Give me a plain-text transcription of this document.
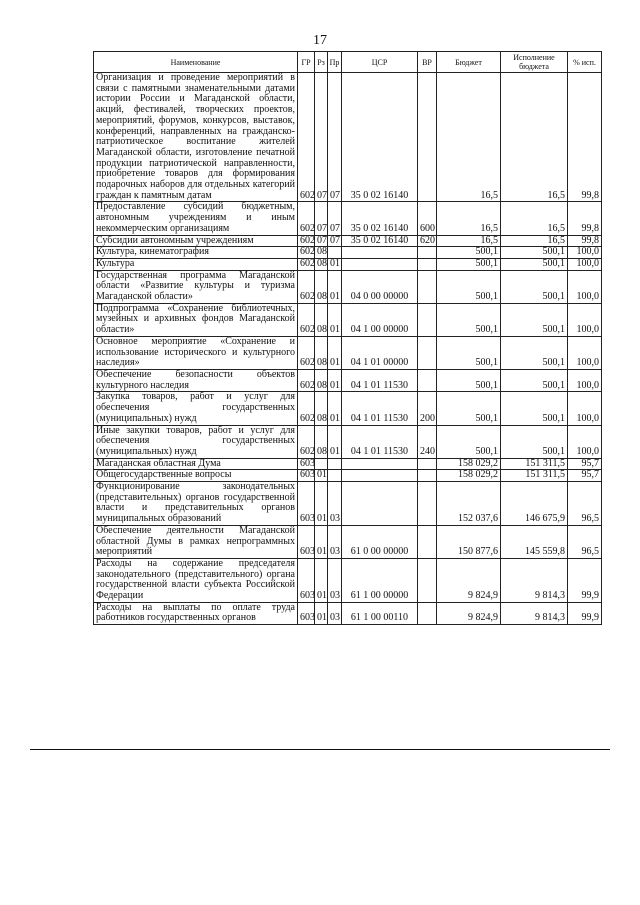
17
Наименование	ГР	Рз	Пр	ЦСР	ВР	Бюджет	Исполнение бюджета	% исп.
Организация и проведение мероприятий в связи с памятными знаменательными датами истории России и Магаданской области, акций, фестивалей, творческих проектов, мероприятий, форумов, конкурсов, выставок, конференций, направленных на гражданско-патриотическое воспитание жителей Магаданской области, изготовление печатной продукции патриотической направленности, приобретение товаров для формирования подарочных наборов для отдельных категорий граждан к памятным датам	602	07	07	35 0 02 16140		16,5	16,5	99,8
Предоставление субсидий бюджетным, автономным учреждениям и иным некоммерческим организациям	602	07	07	35 0 02 16140	600	16,5	16,5	99,8
Субсидии автономным учреждениям	602	07	07	35 0 02 16140	620	16,5	16,5	99,8
Культура, кинематография	602	08				500,1	500,1	100,0
Культура	602	08	01			500,1	500,1	100,0
Государственная программа Магаданской области «Развитие культуры и туризма Магаданской области»	602	08	01	04 0 00 00000		500,1	500,1	100,0
Подпрограмма «Сохранение библиотечных, музейных и архивных фондов Магаданской области»	602	08	01	04 1 00 00000		500,1	500,1	100,0
Основное мероприятие «Сохранение и использование исторического и культурного наследия»	602	08	01	04 1 01 00000		500,1	500,1	100,0
Обеспечение безопасности объектов культурного наследия	602	08	01	04 1 01 11530		500,1	500,1	100,0
Закупка товаров, работ и услуг для обеспечения государственных (муниципальных) нужд	602	08	01	04 1 01 11530	200	500,1	500,1	100,0
Иные закупки товаров, работ и услуг для обеспечения государственных (муниципальных) нужд	602	08	01	04 1 01 11530	240	500,1	500,1	100,0
Магаданская областная Дума	603					158 029,2	151 311,5	95,7
Общегосударственные вопросы	603	01				158 029,2	151 311,5	95,7
Функционирование законодательных (представительных) органов государственной власти и представительных органов муниципальных образований	603	01	03			152 037,6	146 675,9	96,5
Обеспечение деятельности Магаданской областной Думы в рамках непрограммных мероприятий	603	01	03	61 0 00 00000		150 877,6	145 559,8	96,5
Расходы на содержание председателя законодательного (представительного) органа государственной власти субъекта Российской Федерации	603	01	03	61 1 00 00000		9 824,9	9 814,3	99,9
Расходы на выплаты по оплате труда работников государственных органов	603	01	03	61 1 00 00110		9 824,9	9 814,3	99,9
